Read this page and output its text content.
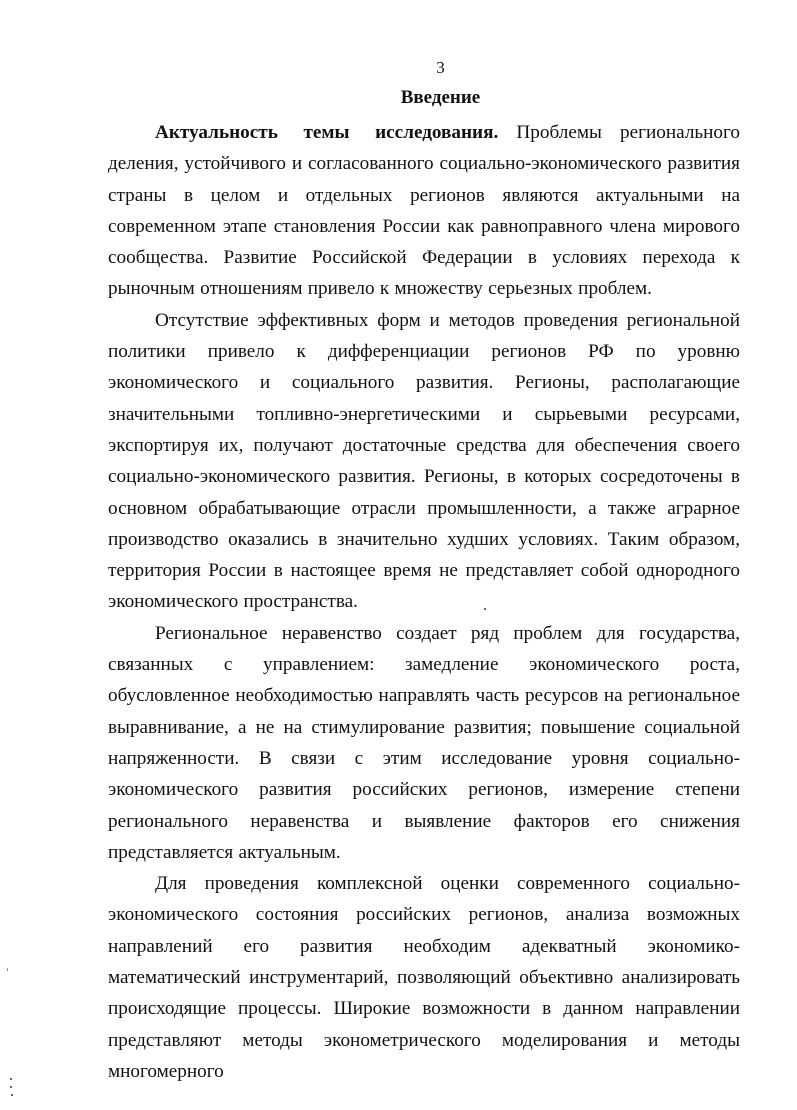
3
Введение

Актуальность темы исследования. Проблемы регионального деления, устойчивого и согласованного социально-экономического развития страны в целом и отдельных регионов являются актуальными на современном этапе становления России как равноправного члена мирового сообщества. Развитие Российской Федерации в условиях перехода к рыночным отношениям привело к множеству серьезных проблем.

Отсутствие эффективных форм и методов проведения региональной политики привело к дифференциации регионов РФ по уровню экономического и социального развития. Регионы, располагающие значительными топливно-энергетическими и сырьевыми ресурсами, экспортируя их, получают достаточные средства для обеспечения своего социально-экономического развития. Регионы, в которых сосредоточены в основном обрабатывающие отрасли промышленности, а также аграрное производство оказались в значительно худших условиях. Таким образом, территория России в настоящее время не представляет собой однородного экономического пространства.

Региональное неравенство создает ряд проблем для государства, связанных с управлением: замедление экономического роста, обусловленное необходимостью направлять часть ресурсов на региональное выравнивание, а не на стимулирование развития; повышение социальной напряженности. В связи с этим исследование уровня социально-экономического развития российских регионов, измерение степени регионального неравенства и выявление факторов его снижения представляется актуальным.

Для проведения комплексной оценки современного социально-экономического состояния российских регионов, анализа возможных направлений его развития необходим адекватный экономико-математический инструментарий, позволяющий объективно анализировать происходящие процессы. Широкие возможности в данном направлении представляют методы эконометрического моделирования и методы многомерного

ˈ
